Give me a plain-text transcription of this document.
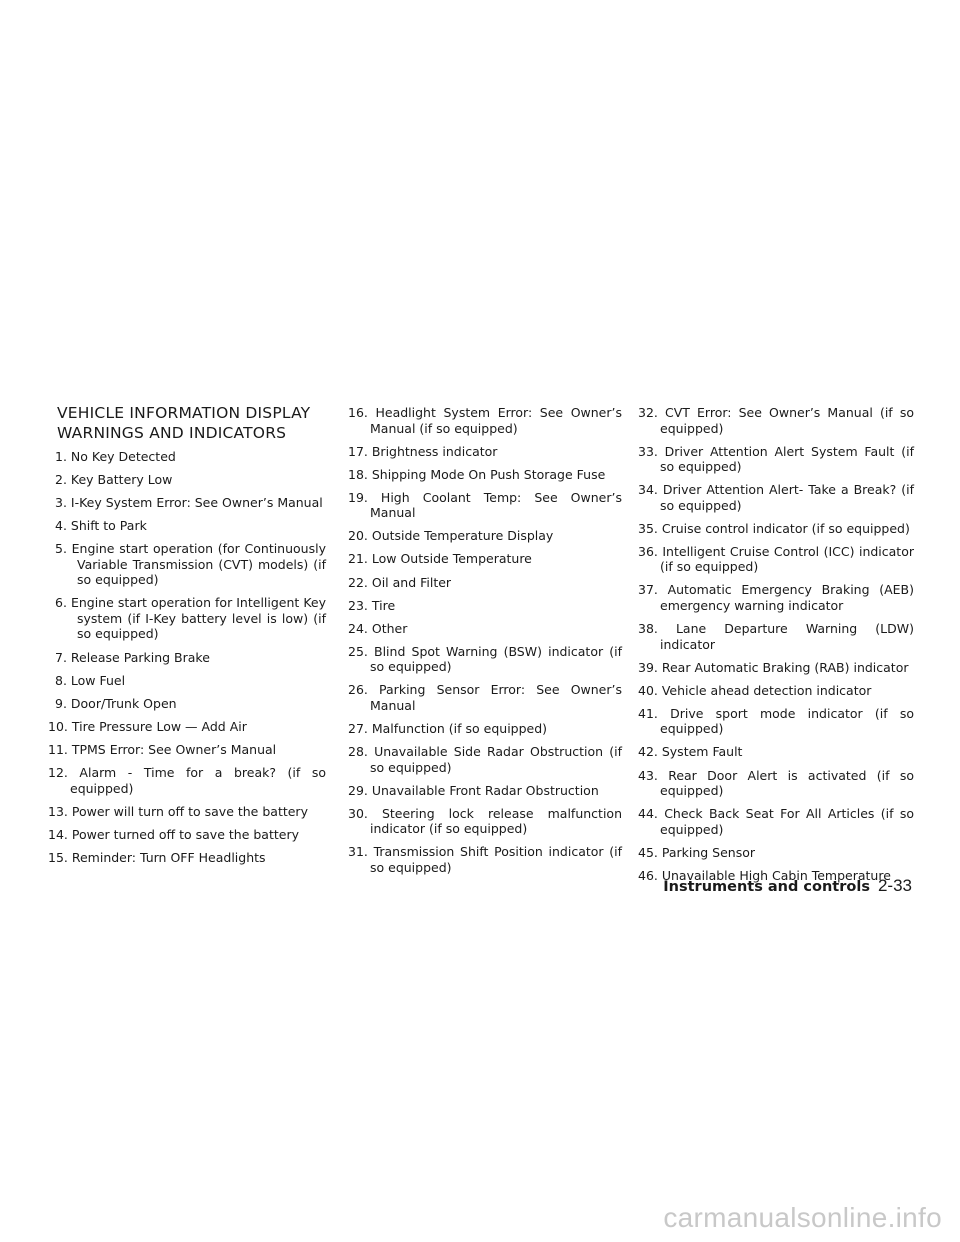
VEHICLE INFORMATION DISPLAY
WARNINGS AND INDICATORS
1. No Key Detected
2. Key Battery Low
3. I-Key System Error: See Owner’s Manual
4. Shift to Park
5. Engine start operation (for Continuously Variable Transmission (CVT) models) (if so equipped)
6. Engine start operation for Intelligent Key system (if I-Key battery level is low) (if so equipped)
7. Release Parking Brake
8. Low Fuel
9. Door/Trunk Open
10. Tire Pressure Low — Add Air
11. TPMS Error: See Owner’s Manual
12. Alarm - Time for a break? (if so equipped)
13. Power will turn off to save the battery
14. Power turned off to save the battery
15. Reminder: Turn OFF Headlights
16. Headlight System Error: See Owner’s Manual (if so equipped)
17. Brightness indicator
18. Shipping Mode On Push Storage Fuse
19. High Coolant Temp: See Owner’s Manual
20. Outside Temperature Display
21. Low Outside Temperature
22. Oil and Filter
23. Tire
24. Other
25. Blind Spot Warning (BSW) indicator (if so equipped)
26. Parking Sensor Error: See Owner’s Manual
27. Malfunction (if so equipped)
28. Unavailable Side Radar Obstruction (if so equipped)
29. Unavailable Front Radar Obstruction
30. Steering lock release malfunction indicator (if so equipped)
31. Transmission Shift Position indicator (if so equipped)
32. CVT Error: See Owner’s Manual (if so equipped)
33. Driver Attention Alert System Fault (if so equipped)
34. Driver Attention Alert- Take a Break? (if so equipped)
35. Cruise control indicator (if so equipped)
36. Intelligent Cruise Control (ICC) indicator (if so equipped)
37. Automatic Emergency Braking (AEB) emergency warning indicator
38. Lane Departure Warning (LDW) indicator
39. Rear Automatic Braking (RAB) indicator
40. Vehicle ahead detection indicator
41. Drive sport mode indicator (if so equipped)
42. System Fault
43. Rear Door Alert is activated (if so equipped)
44. Check Back Seat For All Articles (if so equipped)
45. Parking Sensor
46. Unavailable High Cabin Temperature
Instruments and controls 2-33
carmanualsonline.info
